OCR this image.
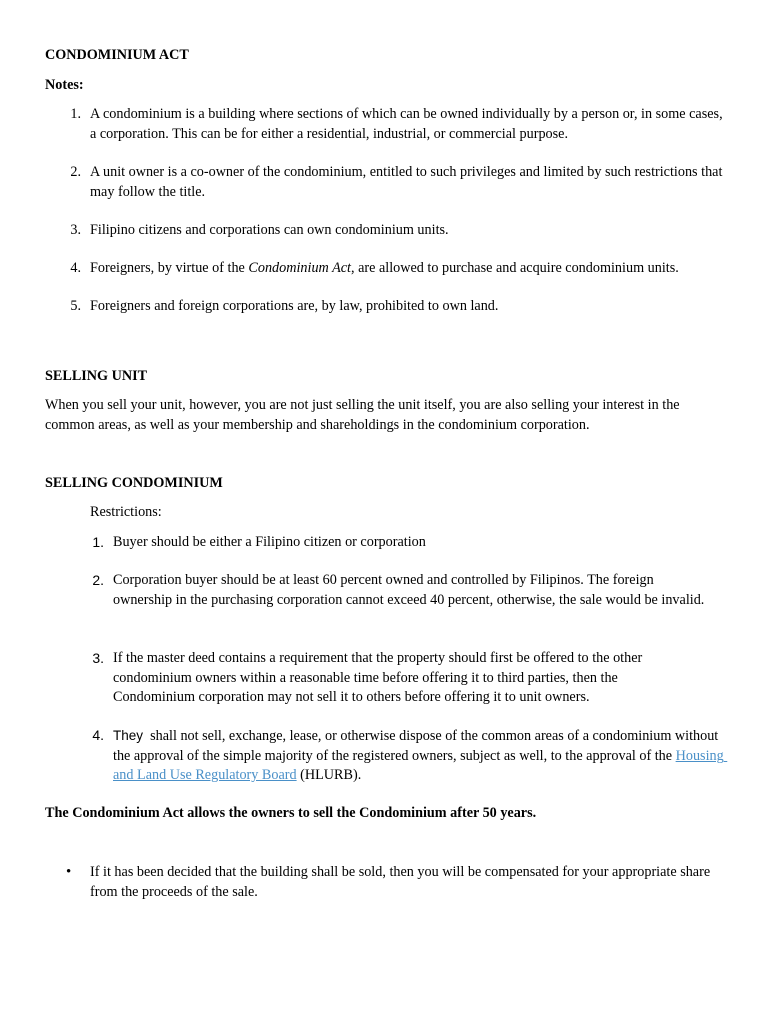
CONDOMINIUM ACT
Notes:
1. A condominium is a building where sections of which can be owned individually by a person or, in some cases, a corporation. This can be for either a residential, industrial, or commercial purpose.
2. A unit owner is a co-owner of the condominium, entitled to such privileges and limited by such restrictions that may follow the title.
3. Filipino citizens and corporations can own condominium units.
4. Foreigners, by virtue of the Condominium Act, are allowed to purchase and acquire condominium units.
5. Foreigners and foreign corporations are, by law, prohibited to own land.
SELLING UNIT
When you sell your unit, however, you are not just selling the unit itself, you are also selling your interest in the common areas, as well as your membership and shareholdings in the condominium corporation.
SELLING CONDOMINIUM
Restrictions:
1. Buyer should be either a Filipino citizen or corporation
2. Corporation buyer should be at least 60 percent owned and controlled by Filipinos. The foreign ownership in the purchasing corporation cannot exceed 40 percent, otherwise, the sale would be invalid.
3. If the master deed contains a requirement that the property should first be offered to the other condominium owners within a reasonable time before offering it to third parties, then the Condominium corporation may not sell it to others before offering it to unit owners.
4. They  shall not sell, exchange, lease, or otherwise dispose of the common areas of a condominium without the approval of the simple majority of the registered owners, subject as well, to the approval of the Housing and Land Use Regulatory Board (HLURB).
The Condominium Act allows the owners to sell the Condominium after 50 years.
• If it has been decided that the building shall be sold, then you will be compensated for your appropriate share from the proceeds of the sale.
